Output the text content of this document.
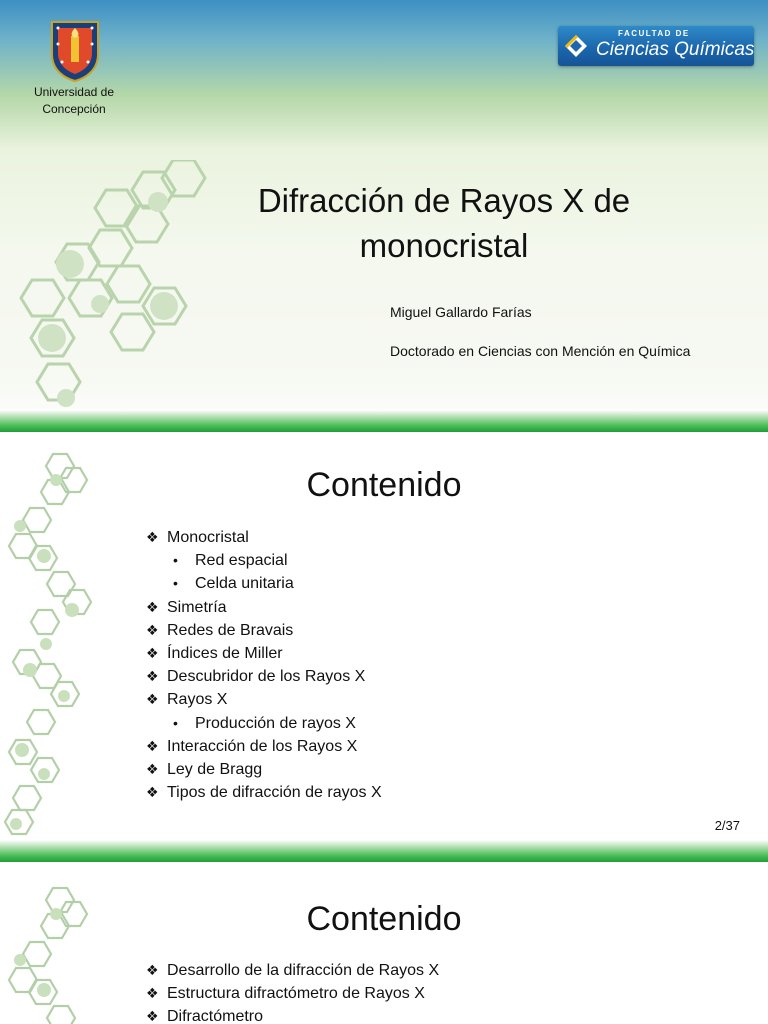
Universidad de
Concepción
FACULTAD DE
Ciencias Químicas
Difracción de Rayos X de
monocristal
Miguel Gallardo Farías
Doctorado en Ciencias con Mención en Química
Contenido
❖ Monocristal
• Red espacial
• Celda unitaria
❖ Simetría
❖ Redes de Bravais
❖ Índices de Miller
❖ Descubridor de los Rayos X
❖ Rayos X
• Producción de rayos X
❖ Interacción de los Rayos X
❖ Ley de Bragg
❖ Tipos de difracción de rayos X
2/37
Contenido
❖ Desarrollo de la difracción de Rayos X
❖ Estructura difractómetro de Rayos X
❖ Difractómetro
